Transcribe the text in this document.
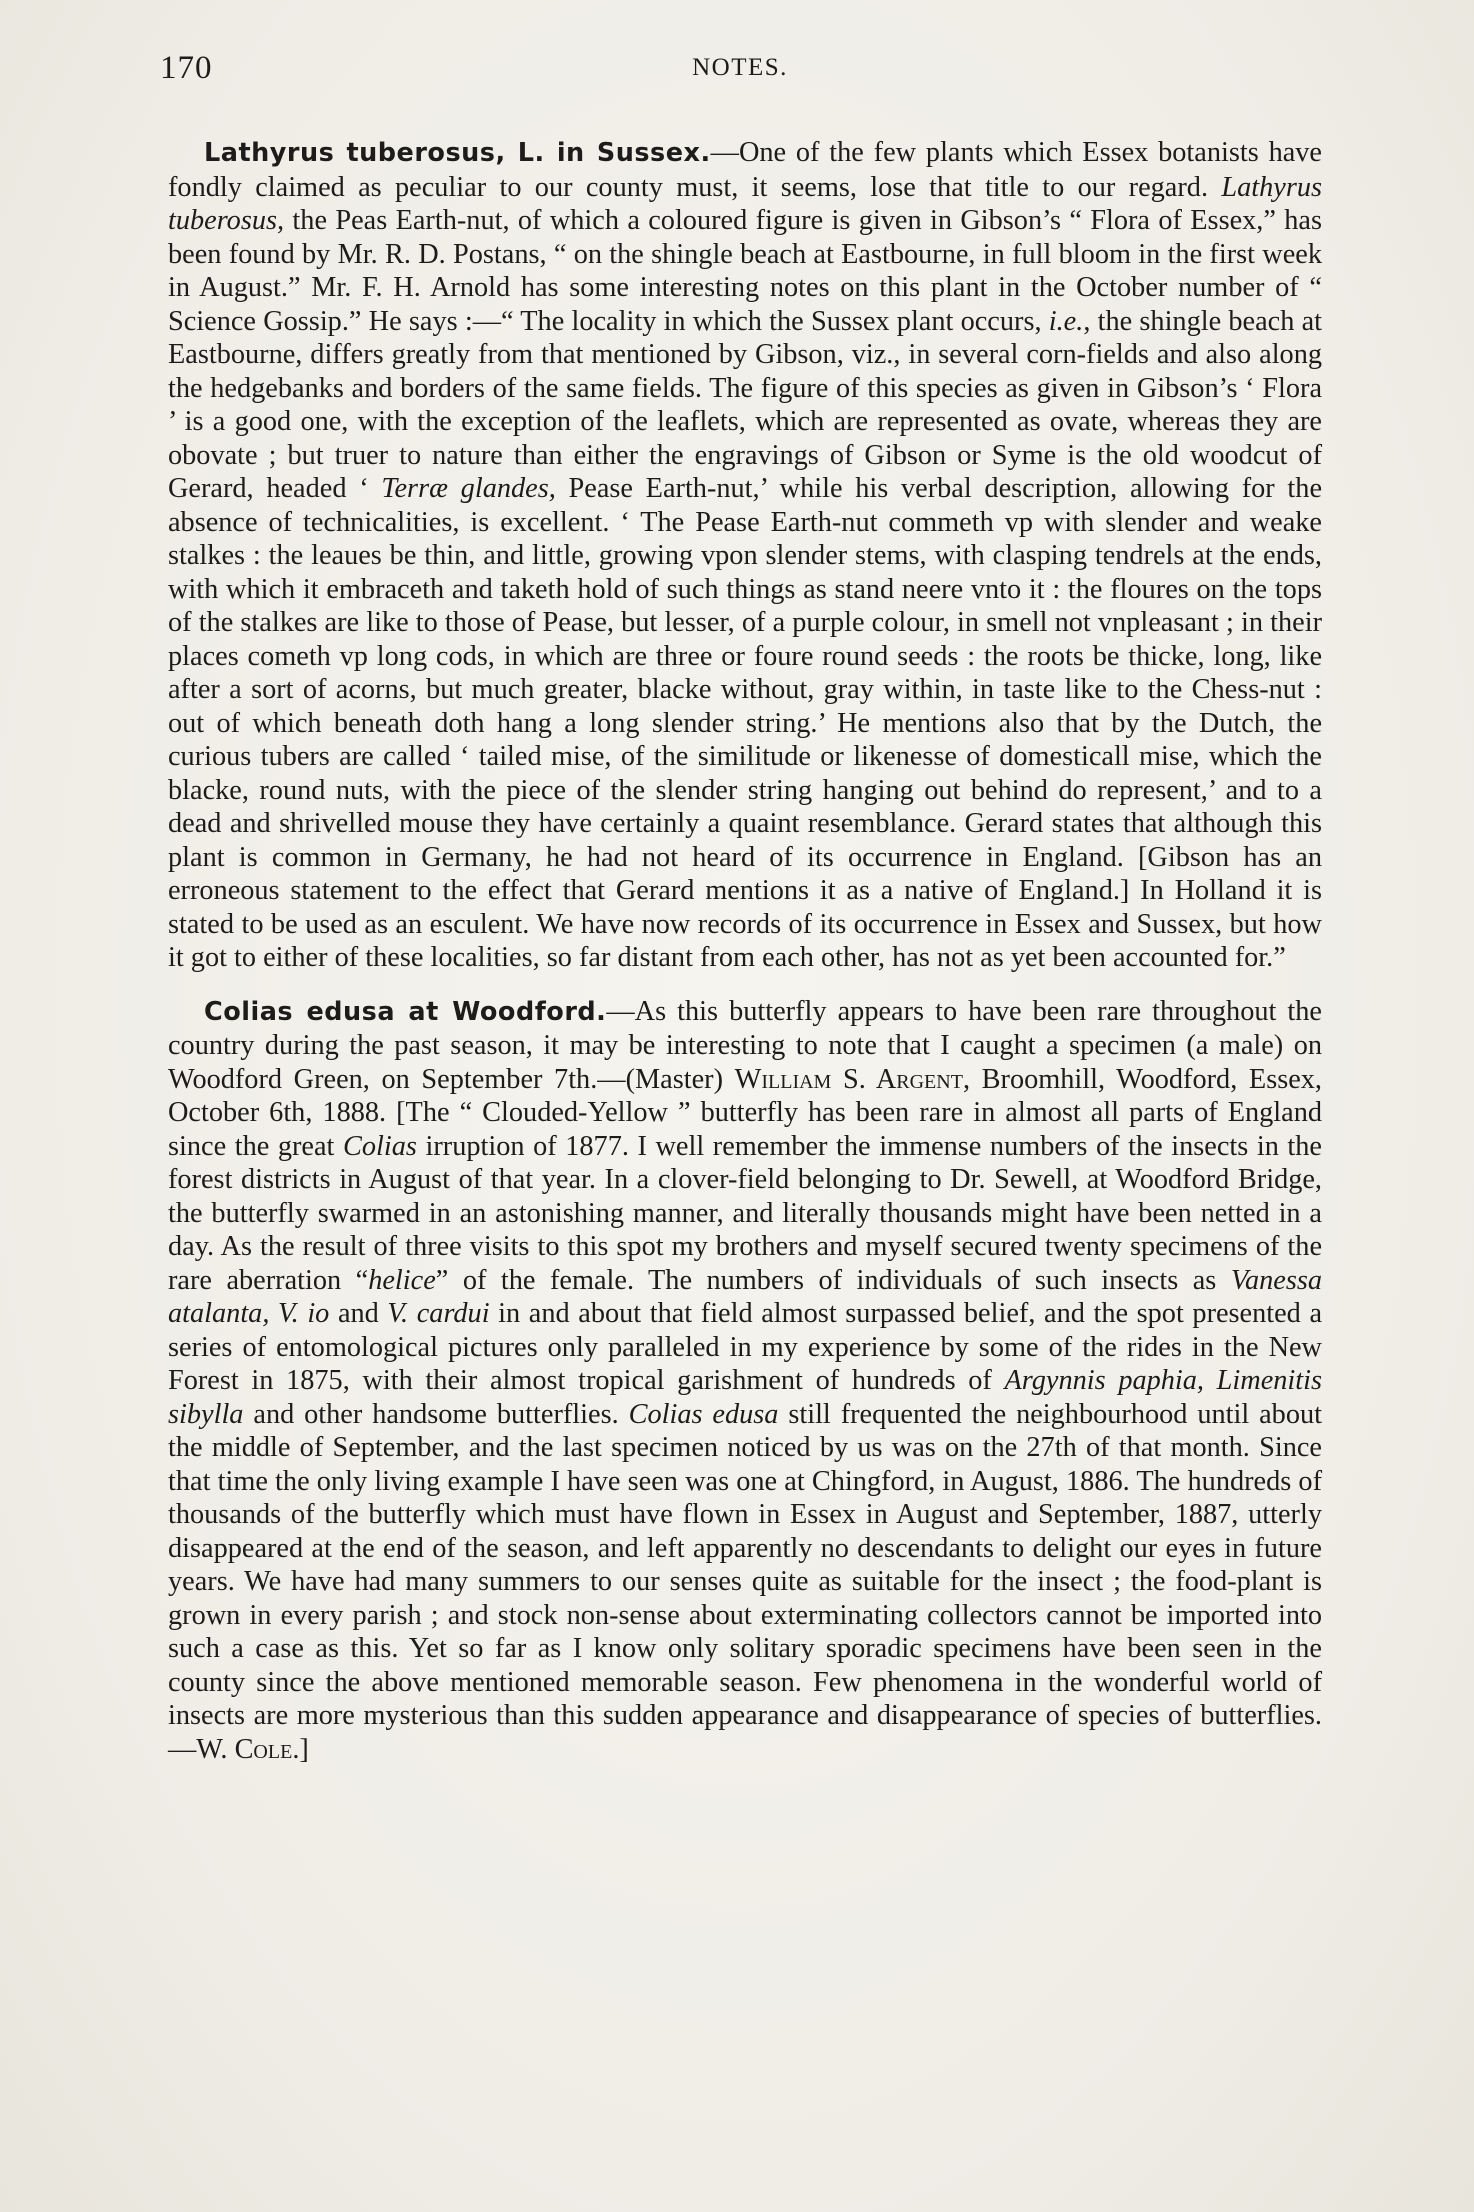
170	NOTES.

Lathyrus tuberosus, L. in Sussex.—One of the few plants which Essex botanists have fondly claimed as peculiar to our county must, it seems, lose that title to our regard. Lathyrus tuberosus, the Peas Earth-nut, of which a coloured figure is given in Gibson’s “ Flora of Essex,” has been found by Mr. R. D. Postans, “ on the shingle beach at Eastbourne, in full bloom in the first week in August.” Mr. F. H. Arnold has some interesting notes on this plant in the October number of “ Science Gossip.” He says :—“ The locality in which the Sussex plant occurs, i.e., the shingle beach at Eastbourne, differs greatly from that mentioned by Gibson, viz., in several corn-fields and also along the hedgebanks and borders of the same fields. The figure of this species as given in Gibson’s ‘ Flora ’ is a good one, with the exception of the leaflets, which are represented as ovate, whereas they are obovate ; but truer to nature than either the engravings of Gibson or Syme is the old woodcut of Gerard, headed ‘ Terræ glandes, Pease Earth-nut,’ while his verbal description, allowing for the absence of technicalities, is excellent. ‘ The Pease Earth-nut commeth vp with slender and weake stalkes : the leaues be thin, and little, growing vpon slender stems, with clasping tendrels at the ends, with which it embraceth and taketh hold of such things as stand neere vnto it : the floures on the tops of the stalkes are like to those of Pease, but lesser, of a purple colour, in smell not vnpleasant ; in their places cometh vp long cods, in which are three or foure round seeds : the roots be thicke, long, like after a sort of acorns, but much greater, blacke without, gray within, in taste like to the Chess-nut : out of which beneath doth hang a long slender string.’ He mentions also that by the Dutch, the curious tubers are called ‘ tailed mise, of the similitude or likenesse of domesticall mise, which the blacke, round nuts, with the piece of the slender string hanging out behind do represent,’ and to a dead and shrivelled mouse they have certainly a quaint resemblance. Gerard states that although this plant is common in Germany, he had not heard of its occurrence in England. [Gibson has an erroneous statement to the effect that Gerard mentions it as a native of England.] In Holland it is stated to be used as an esculent. We have now records of its occurrence in Essex and Sussex, but how it got to either of these localities, so far distant from each other, has not as yet been accounted for.”

Colias edusa at Woodford.—As this butterfly appears to have been rare throughout the country during the past season, it may be interesting to note that I caught a specimen (a male) on Woodford Green, on September 7th.—(Master) William S. Argent, Broomhill, Woodford, Essex, October 6th, 1888. [The “ Clouded-Yellow ” butterfly has been rare in almost all parts of England since the great Colias irruption of 1877. I well remember the immense numbers of the insects in the forest districts in August of that year. In a clover-field belonging to Dr. Sewell, at Woodford Bridge, the butterfly swarmed in an astonishing manner, and literally thousands might have been netted in a day. As the result of three visits to this spot my brothers and myself secured twenty specimens of the rare aberration “helice” of the female. The numbers of individuals of such insects as Vanessa atalanta, V. io and V. cardui in and about that field almost surpassed belief, and the spot presented a series of entomological pictures only paralleled in my experience by some of the rides in the New Forest in 1875, with their almost tropical garishment of hundreds of Argynnis paphia, Limenitis sibylla and other handsome butterflies. Colias edusa still frequented the neighbourhood until about the middle of September, and the last specimen noticed by us was on the 27th of that month. Since that time the only living example I have seen was one at Chingford, in August, 1886. The hundreds of thousands of the butterfly which must have flown in Essex in August and September, 1887, utterly disappeared at the end of the season, and left apparently no descendants to delight our eyes in future years. We have had many summers to our senses quite as suitable for the insect ; the food-plant is grown in every parish ; and stock non-sense about exterminating collectors cannot be imported into such a case as this. Yet so far as I know only solitary sporadic specimens have been seen in the county since the above mentioned memorable season. Few phenomena in the wonderful world of insects are more mysterious than this sudden appearance and disappearance of species of butterflies.—W. Cole.]
